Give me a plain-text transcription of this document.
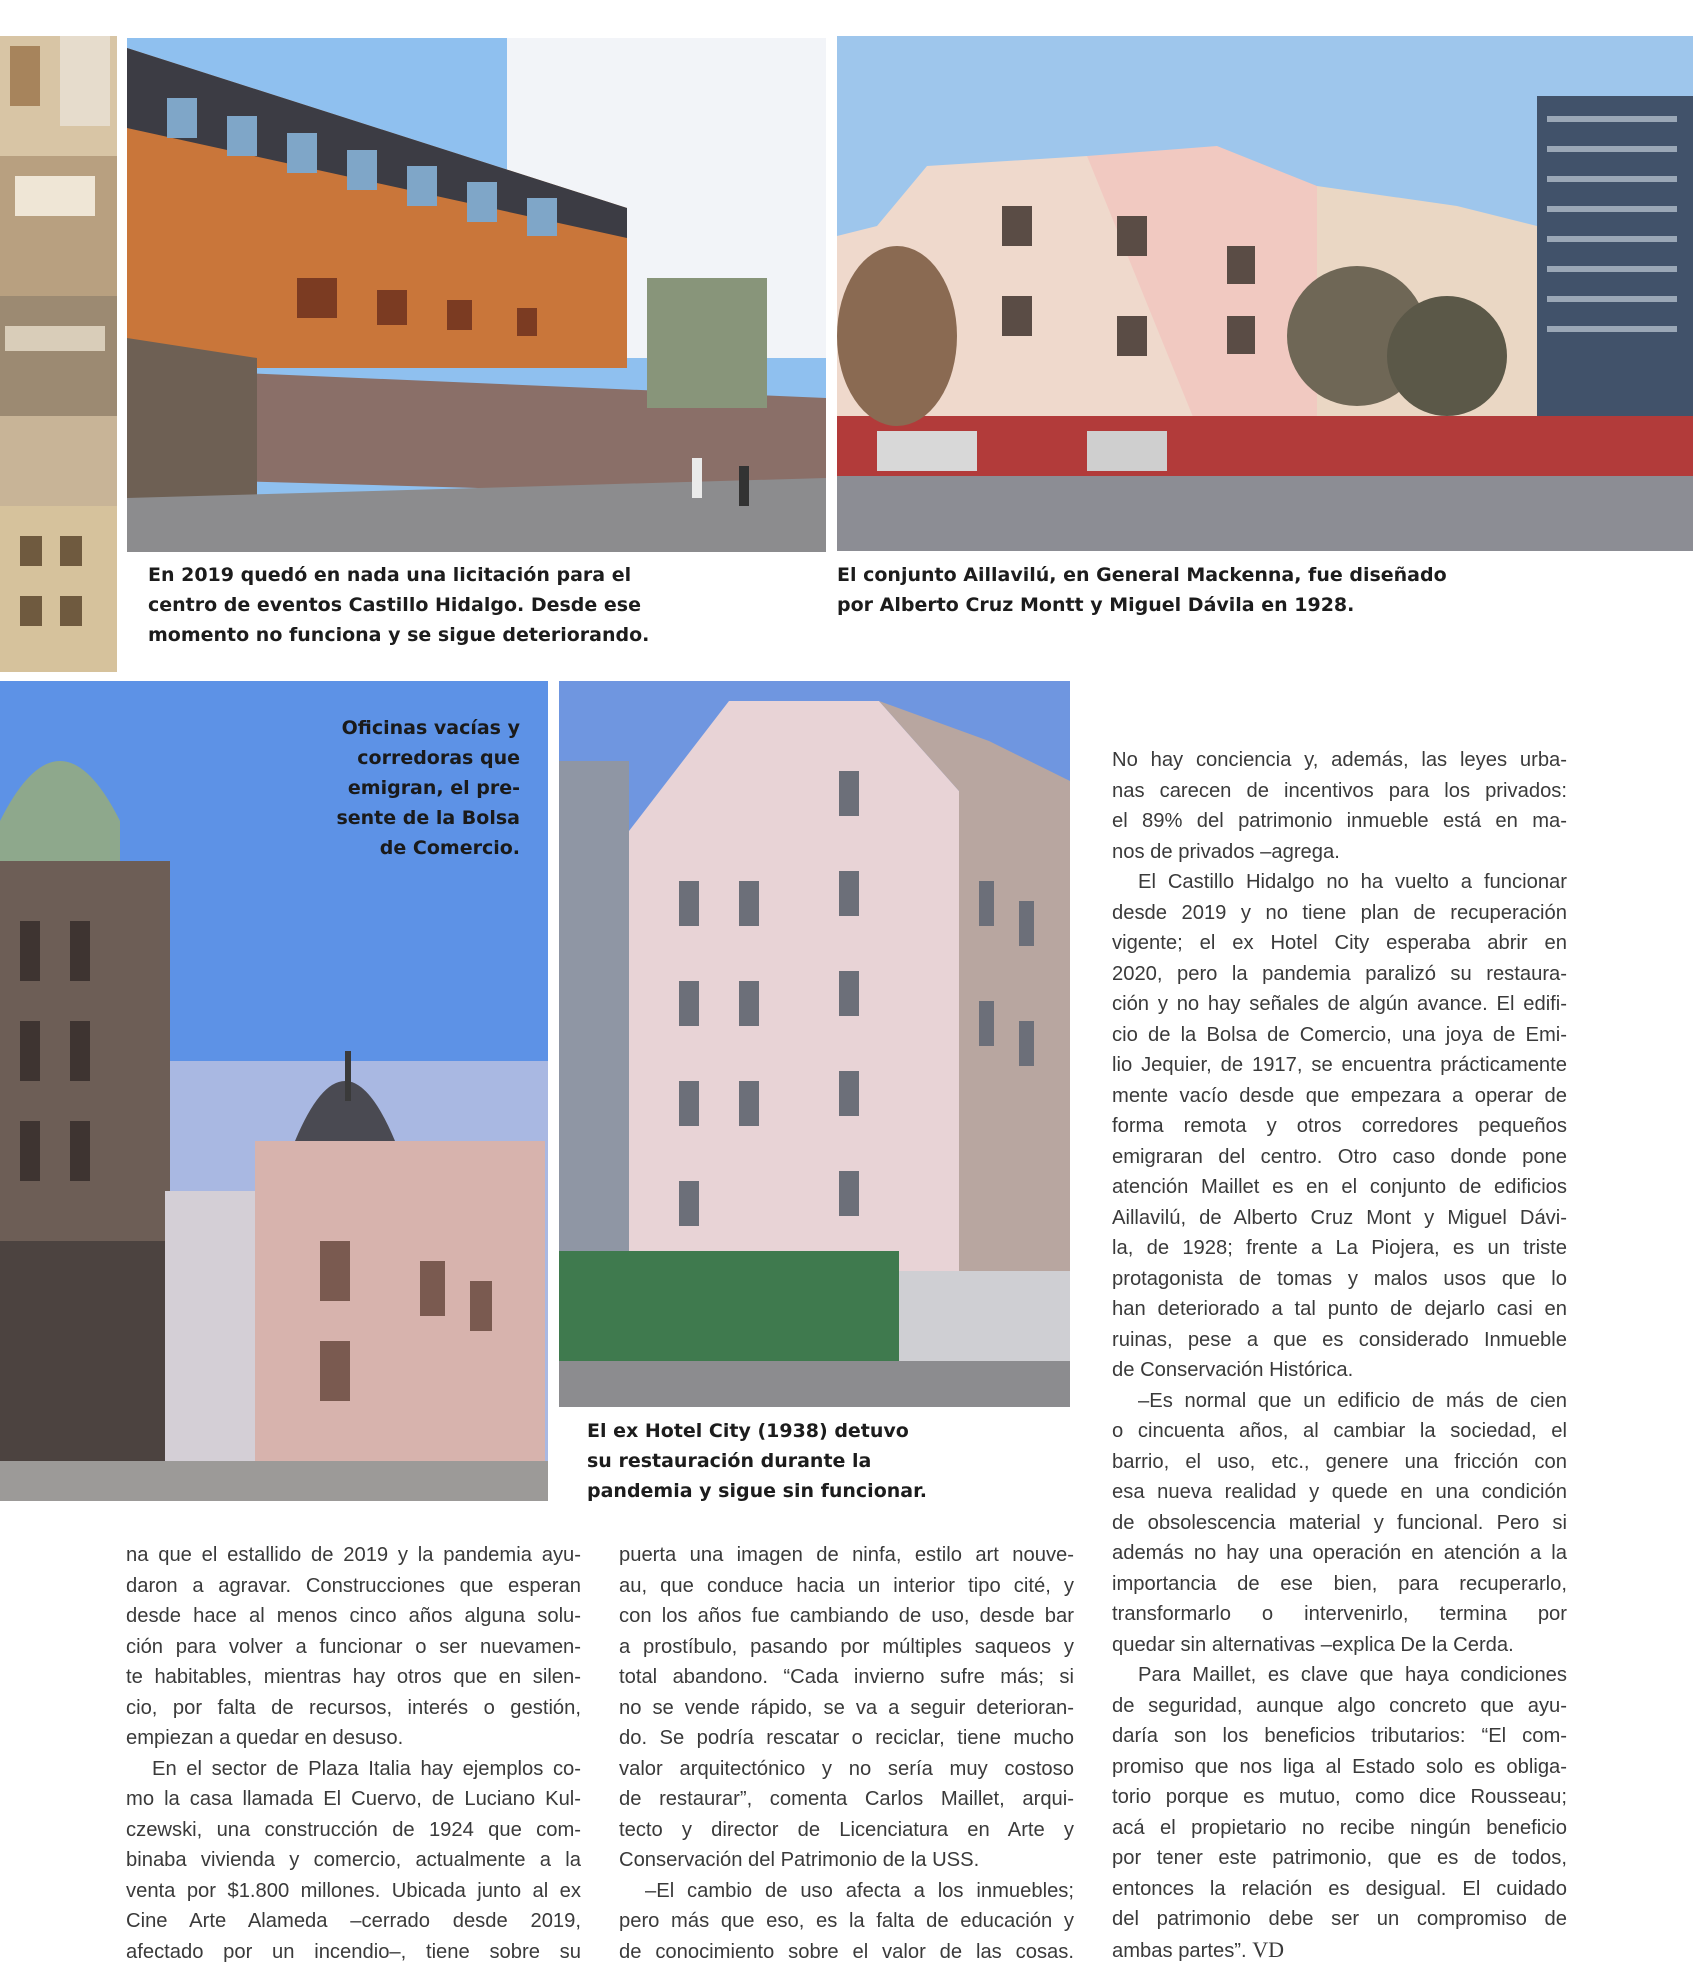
En 2019 quedó en nada una licitación para el
centro de eventos Castillo Hidalgo. Desde ese
momento no funciona y se sigue deteriorando.
El conjunto Aillavilú, en General Mackenna, fue diseñado
por Alberto Cruz Montt y Miguel Dávila en 1928.
Oficinas vacías y
corredoras que
emigran, el pre-
sente de la Bolsa
de Comercio.
El ex Hotel City (1938) detuvo
su restauración durante la
pandemia y sigue sin funcionar.
na que el estallido de 2019 y la pandemia ayu-
daron a agravar. Construcciones que esperan
desde hace al menos cinco años alguna solu-
ción para volver a funcionar o ser nuevamen-
te habitables, mientras hay otros que en silen-
cio, por falta de recursos, interés o gestión,
empiezan a quedar en desuso.
En el sector de Plaza Italia hay ejemplos co-
mo la casa llamada El Cuervo, de Luciano Kul-
czewski, una construcción de 1924 que com-
binaba vivienda y comercio, actualmente a la
venta por $1.800 millones. Ubicada junto al ex
Cine Arte Alameda –cerrado desde 2019,
afectado por un incendio–, tiene sobre su
puerta una imagen de ninfa, estilo art nouve-
au, que conduce hacia un interior tipo cité, y
con los años fue cambiando de uso, desde bar
a prostíbulo, pasando por múltiples saqueos y
total abandono. “Cada invierno sufre más; si
no se vende rápido, se va a seguir deterioran-
do. Se podría rescatar o reciclar, tiene mucho
valor arquitectónico y no sería muy costoso
de restaurar”, comenta Carlos Maillet, arqui-
tecto y director de Licenciatura en Arte y
Conservación del Patrimonio de la USS.
–El cambio de uso afecta a los inmuebles;
pero más que eso, es la falta de educación y
de conocimiento sobre el valor de las cosas.
No hay conciencia y, además, las leyes urba-
nas carecen de incentivos para los privados:
el 89% del patrimonio inmueble está en ma-
nos de privados –agrega.
El Castillo Hidalgo no ha vuelto a funcionar
desde 2019 y no tiene plan de recuperación
vigente; el ex Hotel City esperaba abrir en
2020, pero la pandemia paralizó su restaura-
ción y no hay señales de algún avance. El edifi-
cio de la Bolsa de Comercio, una joya de Emi-
lio Jequier, de 1917, se encuentra prácticamente
mente vacío desde que empezara a operar de
forma remota y otros corredores pequeños
emigraran del centro. Otro caso donde pone
atención Maillet es en el conjunto de edificios
Aillavilú, de Alberto Cruz Mont y Miguel Dávi-
la, de 1928; frente a La Piojera, es un triste
protagonista de tomas y malos usos que lo
han deteriorado a tal punto de dejarlo casi en
ruinas, pese a que es considerado Inmueble
de Conservación Histórica.
–Es normal que un edificio de más de cien
o cincuenta años, al cambiar la sociedad, el
barrio, el uso, etc., genere una fricción con
esa nueva realidad y quede en una condición
de obsolescencia material y funcional. Pero si
además no hay una operación en atención a la
importancia de ese bien, para recuperarlo,
transformarlo o intervenirlo, termina por
quedar sin alternativas –explica De la Cerda.
Para Maillet, es clave que haya condiciones
de seguridad, aunque algo concreto que ayu-
daría son los beneficios tributarios: “El com-
promiso que nos liga al Estado solo es obliga-
torio porque es mutuo, como dice Rousseau;
acá el propietario no recibe ningún beneficio
por tener este patrimonio, que es de todos,
entonces la relación es desigual. El cuidado
del patrimonio debe ser un compromiso de
ambas partes”. VD
